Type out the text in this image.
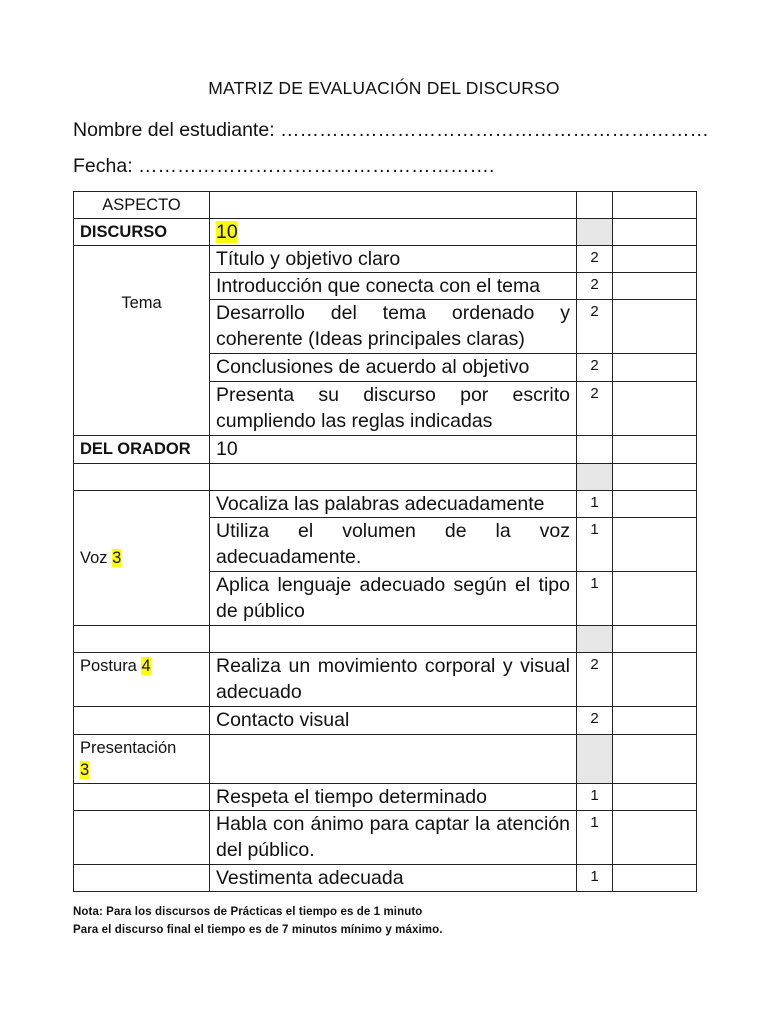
MATRIZ DE EVALUACIÓN DEL DISCURSO
Nombre del estudiante: …………………………………………………………
Fecha: ……………………………………………….
ASPECTO			
DISCURSO	10		
Tema	Título y objetivo claro	2	
	Introducción que conecta con el tema	2	
	Desarrollo del tema ordenado y coherente (Ideas principales claras)	2	
	Conclusiones de acuerdo al objetivo	2	
	Presenta su discurso por escrito cumpliendo las reglas indicadas	2	
DEL ORADOR	10		

Voz 3	Vocaliza las palabras adecuadamente	1	
	Utiliza el volumen de la voz adecuadamente.	1	
	Aplica lenguaje adecuado según el tipo de público	1	

Postura 4	Realiza un movimiento corporal y visual adecuado	2	
	Contacto visual	2	
Presentación
3			
	Respeta el tiempo determinado	1	
	Habla con ánimo para captar la atención del público.	1	
	Vestimenta adecuada	1	
Nota: Para los discursos de Prácticas el tiempo es de 1 minuto
Para el discurso final el tiempo es de 7 minutos mínimo y máximo.
